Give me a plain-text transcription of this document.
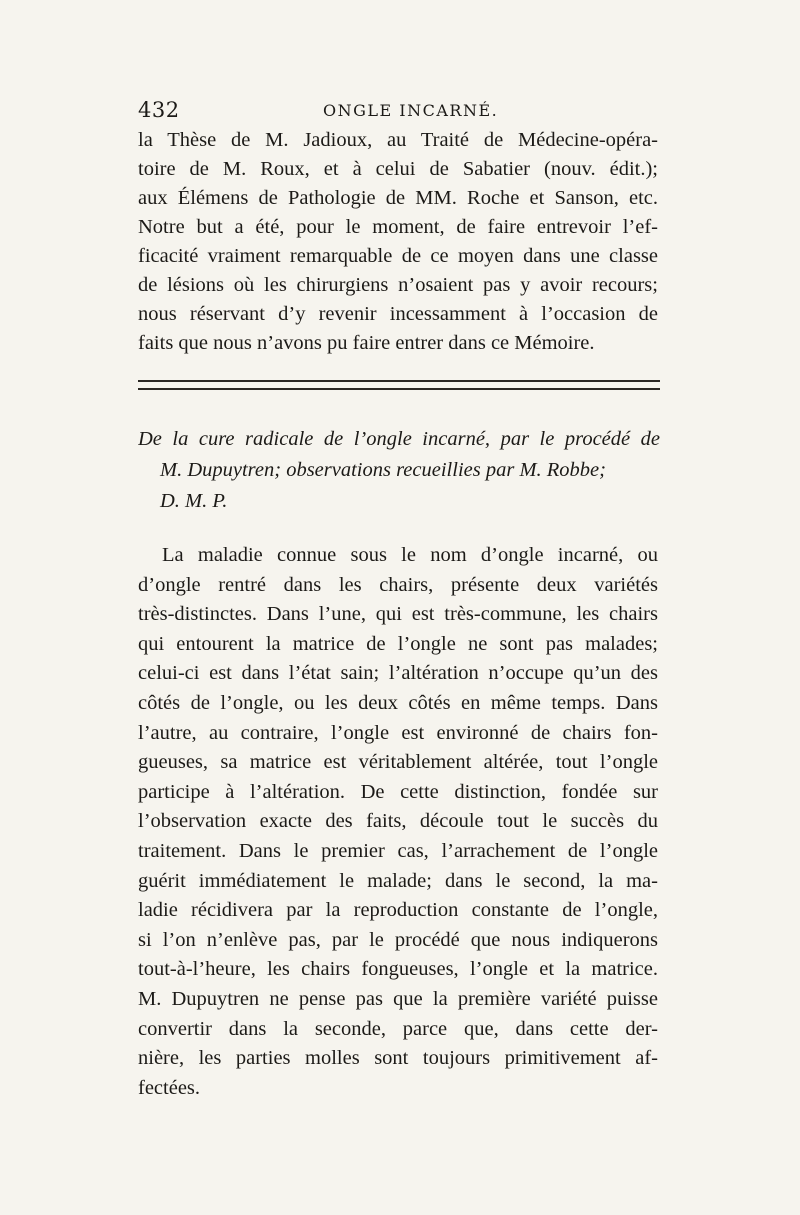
432	ONGLE INCARNÉ.
la Thèse de M. Jadioux, au Traité de Médecine-opéra-
toire de M. Roux, et à celui de Sabatier (nouv. édit.);
aux Élémens de Pathologie de MM. Roche et Sanson, etc.
Notre but a été, pour le moment, de faire entrevoir l’ef-
ficacité vraiment remarquable de ce moyen dans une classe
de lésions où les chirurgiens n’osaient pas y avoir recours;
nous réservant d’y revenir incessamment à l’occasion de
faits que nous n’avons pu faire entrer dans ce Mémoire.
De la cure radicale de l’ongle incarné, par le procédé de
M. Dupuytren; observations recueillies par M. Robbe;
D. M. P.
La maladie connue sous le nom d’ongle incarné, ou
d’ongle rentré dans les chairs, présente deux variétés
très-distinctes. Dans l’une, qui est très-commune, les chairs
qui entourent la matrice de l’ongle ne sont pas malades;
celui-ci est dans l’état sain; l’altération n’occupe qu’un des
côtés de l’ongle, ou les deux côtés en même temps. Dans
l’autre, au contraire, l’ongle est environné de chairs fon-
gueuses, sa matrice est véritablement altérée, tout l’ongle
participe à l’altération. De cette distinction, fondée sur
l’observation exacte des faits, découle tout le succès du
traitement. Dans le premier cas, l’arrachement de l’ongle
guérit immédiatement le malade; dans le second, la ma-
ladie récidivera par la reproduction constante de l’ongle,
si l’on n’enlève pas, par le procédé que nous indiquerons
tout-à-l’heure, les chairs fongueuses, l’ongle et la matrice.
M. Dupuytren ne pense pas que la première variété puisse
convertir dans la seconde, parce que, dans cette der-
nière, les parties molles sont toujours primitivement af-
fectées.
